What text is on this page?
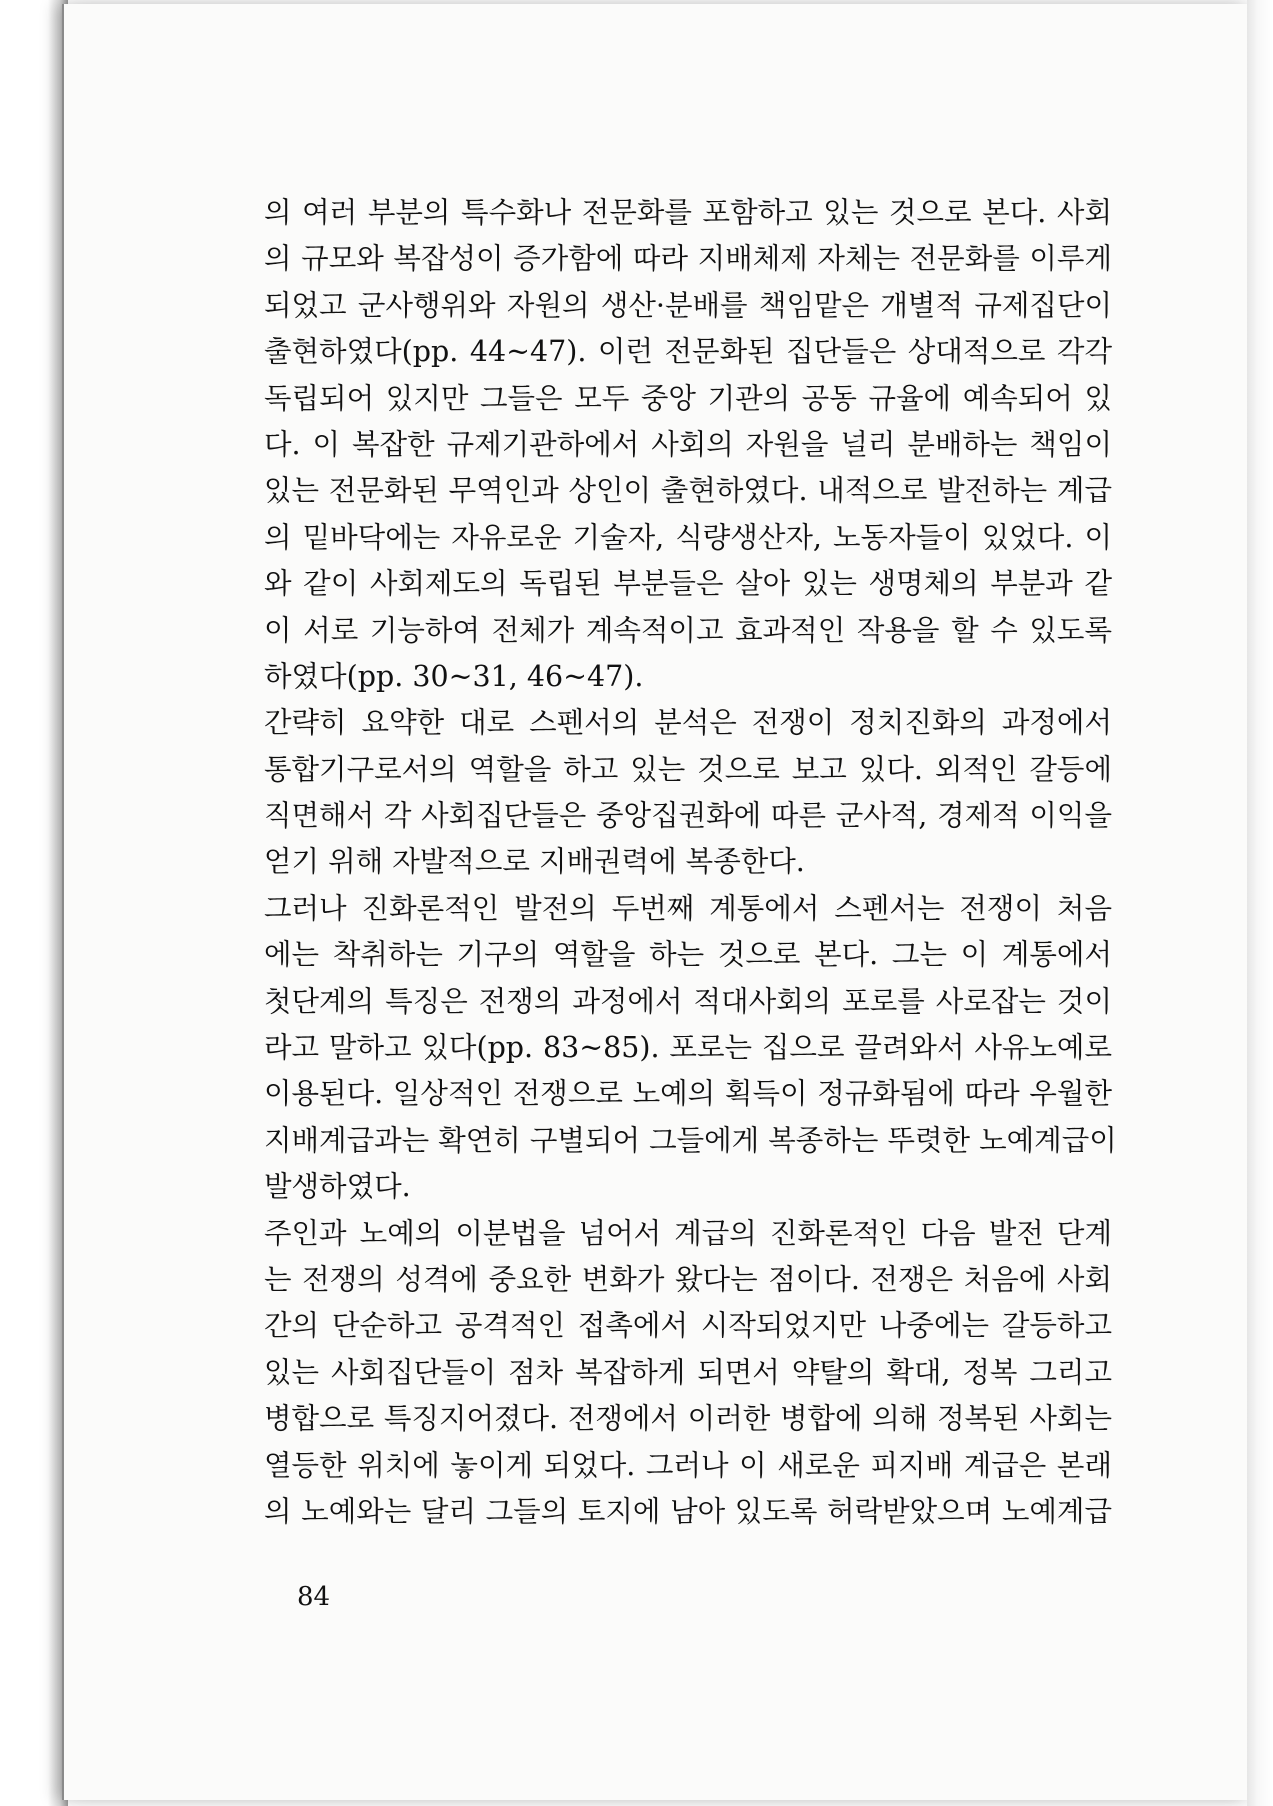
의 여러 부분의 특수화나 전문화를 포함하고 있는 것으로 본다. 사회
의 규모와 복잡성이 증가함에 따라 지배체제 자체는 전문화를 이루게
되었고 군사행위와 자원의 생산·분배를 책임맡은 개별적 규제집단이
출현하였다(pp. 44~47). 이런 전문화된 집단들은 상대적으로 각각
독립되어 있지만 그들은 모두 중앙 기관의 공동 규율에 예속되어 있
다. 이 복잡한 규제기관하에서 사회의 자원을 널리 분배하는 책임이
있는 전문화된 무역인과 상인이 출현하였다. 내적으로 발전하는 계급
의 밑바닥에는 자유로운 기술자, 식량생산자, 노동자들이 있었다. 이
와 같이 사회제도의 독립된 부분들은 살아 있는 생명체의 부분과 같
이 서로 기능하여 전체가 계속적이고 효과적인 작용을 할 수 있도록
하였다(pp. 30~31, 46~47).
간략히 요약한 대로 스펜서의 분석은 전쟁이 정치진화의 과정에서
통합기구로서의 역할을 하고 있는 것으로 보고 있다. 외적인 갈등에
직면해서 각 사회집단들은 중앙집권화에 따른 군사적, 경제적 이익을
얻기 위해 자발적으로 지배권력에 복종한다.
그러나 진화론적인 발전의 두번째 계통에서 스펜서는 전쟁이 처음
에는 착취하는 기구의 역할을 하는 것으로 본다. 그는 이 계통에서
첫단계의 특징은 전쟁의 과정에서 적대사회의 포로를 사로잡는 것이
라고 말하고 있다(pp. 83~85). 포로는 집으로 끌려와서 사유노예로
이용된다. 일상적인 전쟁으로 노예의 획득이 정규화됨에 따라 우월한
지배계급과는 확연히 구별되어 그들에게 복종하는 뚜렷한 노예계급이
발생하였다.
주인과 노예의 이분법을 넘어서 계급의 진화론적인 다음 발전 단계
는 전쟁의 성격에 중요한 변화가 왔다는 점이다. 전쟁은 처음에 사회
간의 단순하고 공격적인 접촉에서 시작되었지만 나중에는 갈등하고
있는 사회집단들이 점차 복잡하게 되면서 약탈의 확대, 정복 그리고
병합으로 특징지어졌다. 전쟁에서 이러한 병합에 의해 정복된 사회는
열등한 위치에 놓이게 되었다. 그러나 이 새로운 피지배 계급은 본래
의 노예와는 달리 그들의 토지에 남아 있도록 허락받았으며 노예계급
84
